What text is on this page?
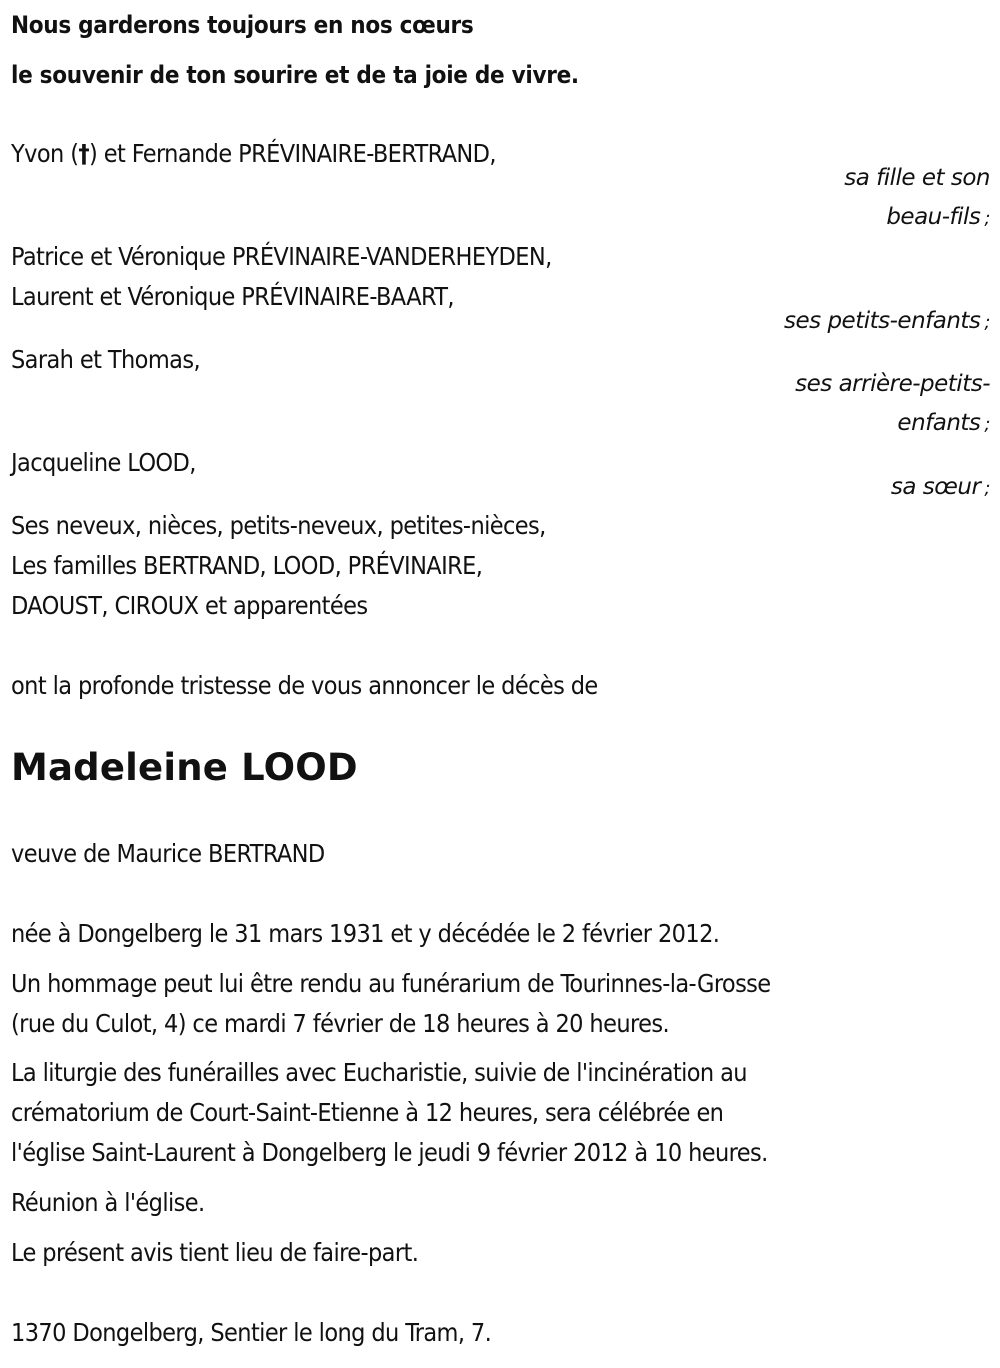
Nous garderons toujours en nos cœurs
le souvenir de ton sourire et de ta joie de vivre.
Yvon (†) et Fernande PRÉVINAIRE-BERTRAND,
sa fille et son
beau-fils ;
Patrice et Véronique PRÉVINAIRE-VANDERHEYDEN,
Laurent et Véronique PRÉVINAIRE-BAART,
ses petits-enfants ;
Sarah et Thomas,
ses arrière-petits-
enfants ;
Jacqueline LOOD,
sa sœur ;
Ses neveux, nièces, petits-neveux, petites-nièces,
Les familles BERTRAND, LOOD, PRÉVINAIRE,
DAOUST, CIROUX et apparentées
ont la profonde tristesse de vous annoncer le décès de
Madeleine LOOD
veuve de Maurice BERTRAND
née à Dongelberg le 31 mars 1931 et y décédée le 2 février 2012.
Un hommage peut lui être rendu au funérarium de Tourinnes-la-Grosse
(rue du Culot, 4) ce mardi 7 février de 18 heures à 20 heures.
La liturgie des funérailles avec Eucharistie, suivie de l'incinération au
crématorium de Court-Saint-Etienne à 12 heures, sera célébrée en
l'église Saint-Laurent à Dongelberg le jeudi 9 février 2012 à 10 heures.
Réunion à l'église.
Le présent avis tient lieu de faire-part.
1370 Dongelberg, Sentier le long du Tram, 7.
